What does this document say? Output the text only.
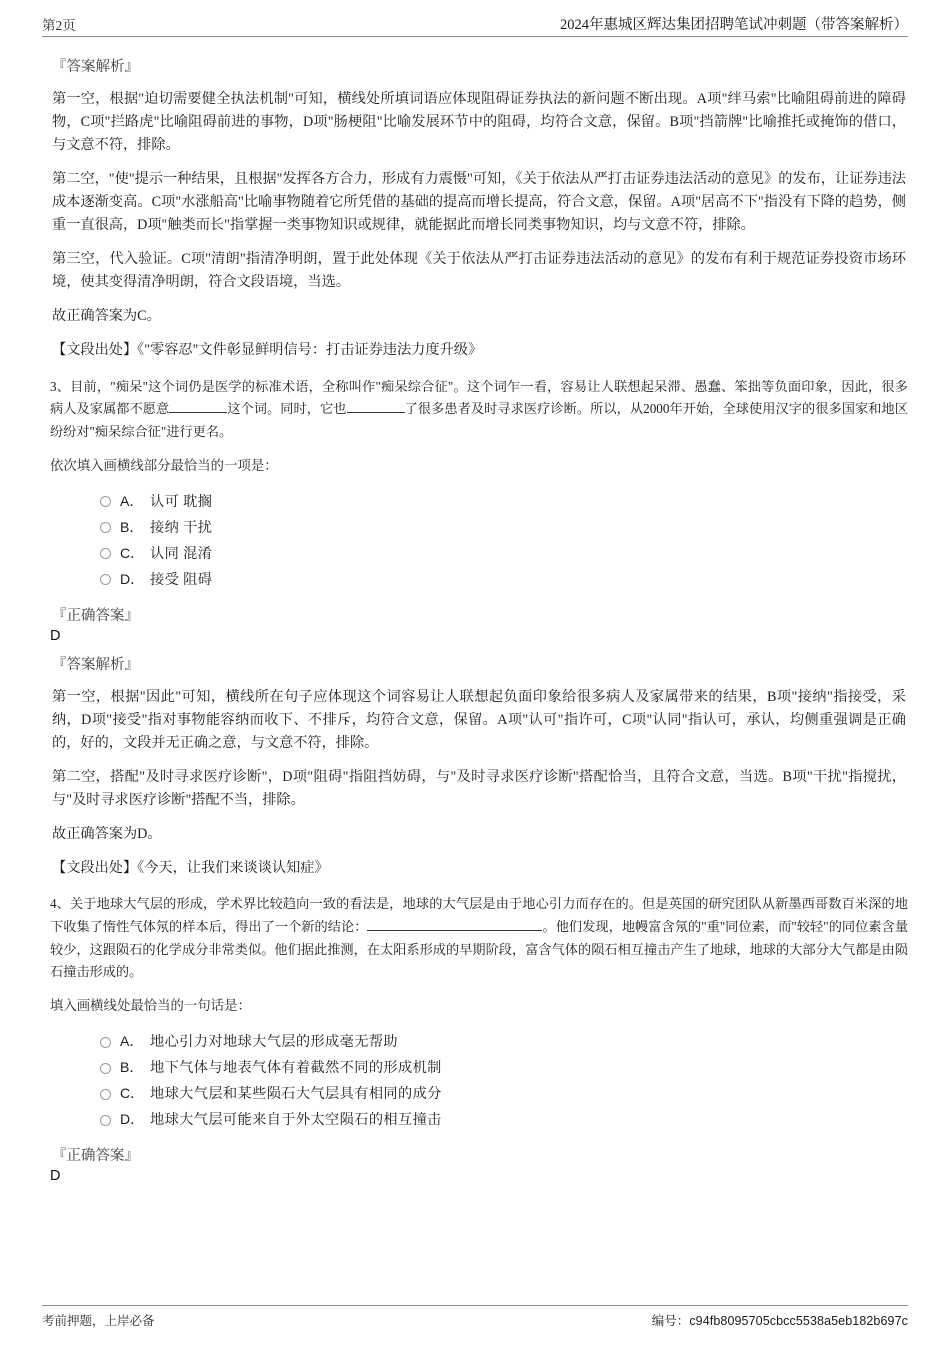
第2页	2024年惠城区辉达集团招聘笔试冲刺题（带答案解析）
『答案解析』
第一空，根据"迫切需要健全执法机制"可知，横线处所填词语应体现阻碍证券执法的新问题不断出现。A项"绊马索"比喻阻碍前进的障碍物，C项"拦路虎"比喻阻碍前进的事物，D项"肠梗阻"比喻发展环节中的阻碍，均符合文意，保留。B项"挡箭牌"比喻推托或掩饰的借口，与文意不符，排除。
第二空，"使"提示一种结果，且根据"发挥各方合力，形成有力震慑"可知，《关于依法从严打击证券违法活动的意见》的发布，让证券违法成本逐渐变高。C项"水涨船高"比喻事物随着它所凭借的基础的提高而增长提高，符合文意，保留。A项"居高不下"指没有下降的趋势，侧重一直很高，D项"触类而长"指掌握一类事物知识或规律，就能据此而增长同类事物知识，均与文意不符，排除。
第三空，代入验证。C项"清朗"指清净明朗，置于此处体现《关于依法从严打击证券违法活动的意见》的发布有利于规范证券投资市场环境，使其变得清净明朗，符合文段语境，当选。
故正确答案为C。
【文段出处】《"零容忍"文件彰显鲜明信号：打击证券违法力度升级》
3、目前，"痴呆"这个词仍是医学的标准术语，全称叫作"痴呆综合征"。这个词乍一看，容易让人联想起呆滞、愚蠢、笨拙等负面印象，因此，很多病人及家属都不愿意	这个词。同时，它也	了很多患者及时寻求医疗诊断。所以，从2000年开始，全球使用汉字的很多国家和地区纷纷对"痴呆综合征"进行更名。
依次填入画横线部分最恰当的一项是：
A． 认可 耽搁
B． 接纳 干扰
C． 认同 混淆
D． 接受 阻碍
『正确答案』
D
『答案解析』
第一空，根据"因此"可知，横线所在句子应体现这个词容易让人联想起负面印象给很多病人及家属带来的结果，B项"接纳"指接受，采纳，D项"接受"指对事物能容纳而收下、不排斥，均符合文意，保留。A项"认可"指许可，C项"认同"指认可，承认，均侧重强调是正确的，好的，文段并无正确之意，与文意不符，排除。
第二空，搭配"及时寻求医疗诊断"，D项"阻碍"指阻挡妨碍，与"及时寻求医疗诊断"搭配恰当，且符合文意，当选。B项"干扰"指搅扰，与"及时寻求医疗诊断"搭配不当，排除。
故正确答案为D。
【文段出处】《今天，让我们来谈谈认知症》
4、关于地球大气层的形成，学术界比较趋向一致的看法是，地球的大气层是由于地心引力而存在的。但是英国的研究团队从新墨西哥数百米深的地下收集了惰性气体氖的样本后，得出了一个新的结论：	。他们发现，地幔富含氖的"重"同位素，而"较轻"的同位素含量较少，这跟陨石的化学成分非常类似。他们据此推测，在太阳系形成的早期阶段，富含气体的陨石相互撞击产生了地球，地球的大部分大气都是由陨石撞击形成的。
填入画横线处最恰当的一句话是：
A． 地心引力对地球大气层的形成毫无帮助
B． 地下气体与地表气体有着截然不同的形成机制
C． 地球大气层和某些陨石大气层具有相同的成分
D． 地球大气层可能来自于外太空陨石的相互撞击
『正确答案』
D
考前押题，上岸必备	编号：c94fb8095705cbcc5538a5eb182b697c
